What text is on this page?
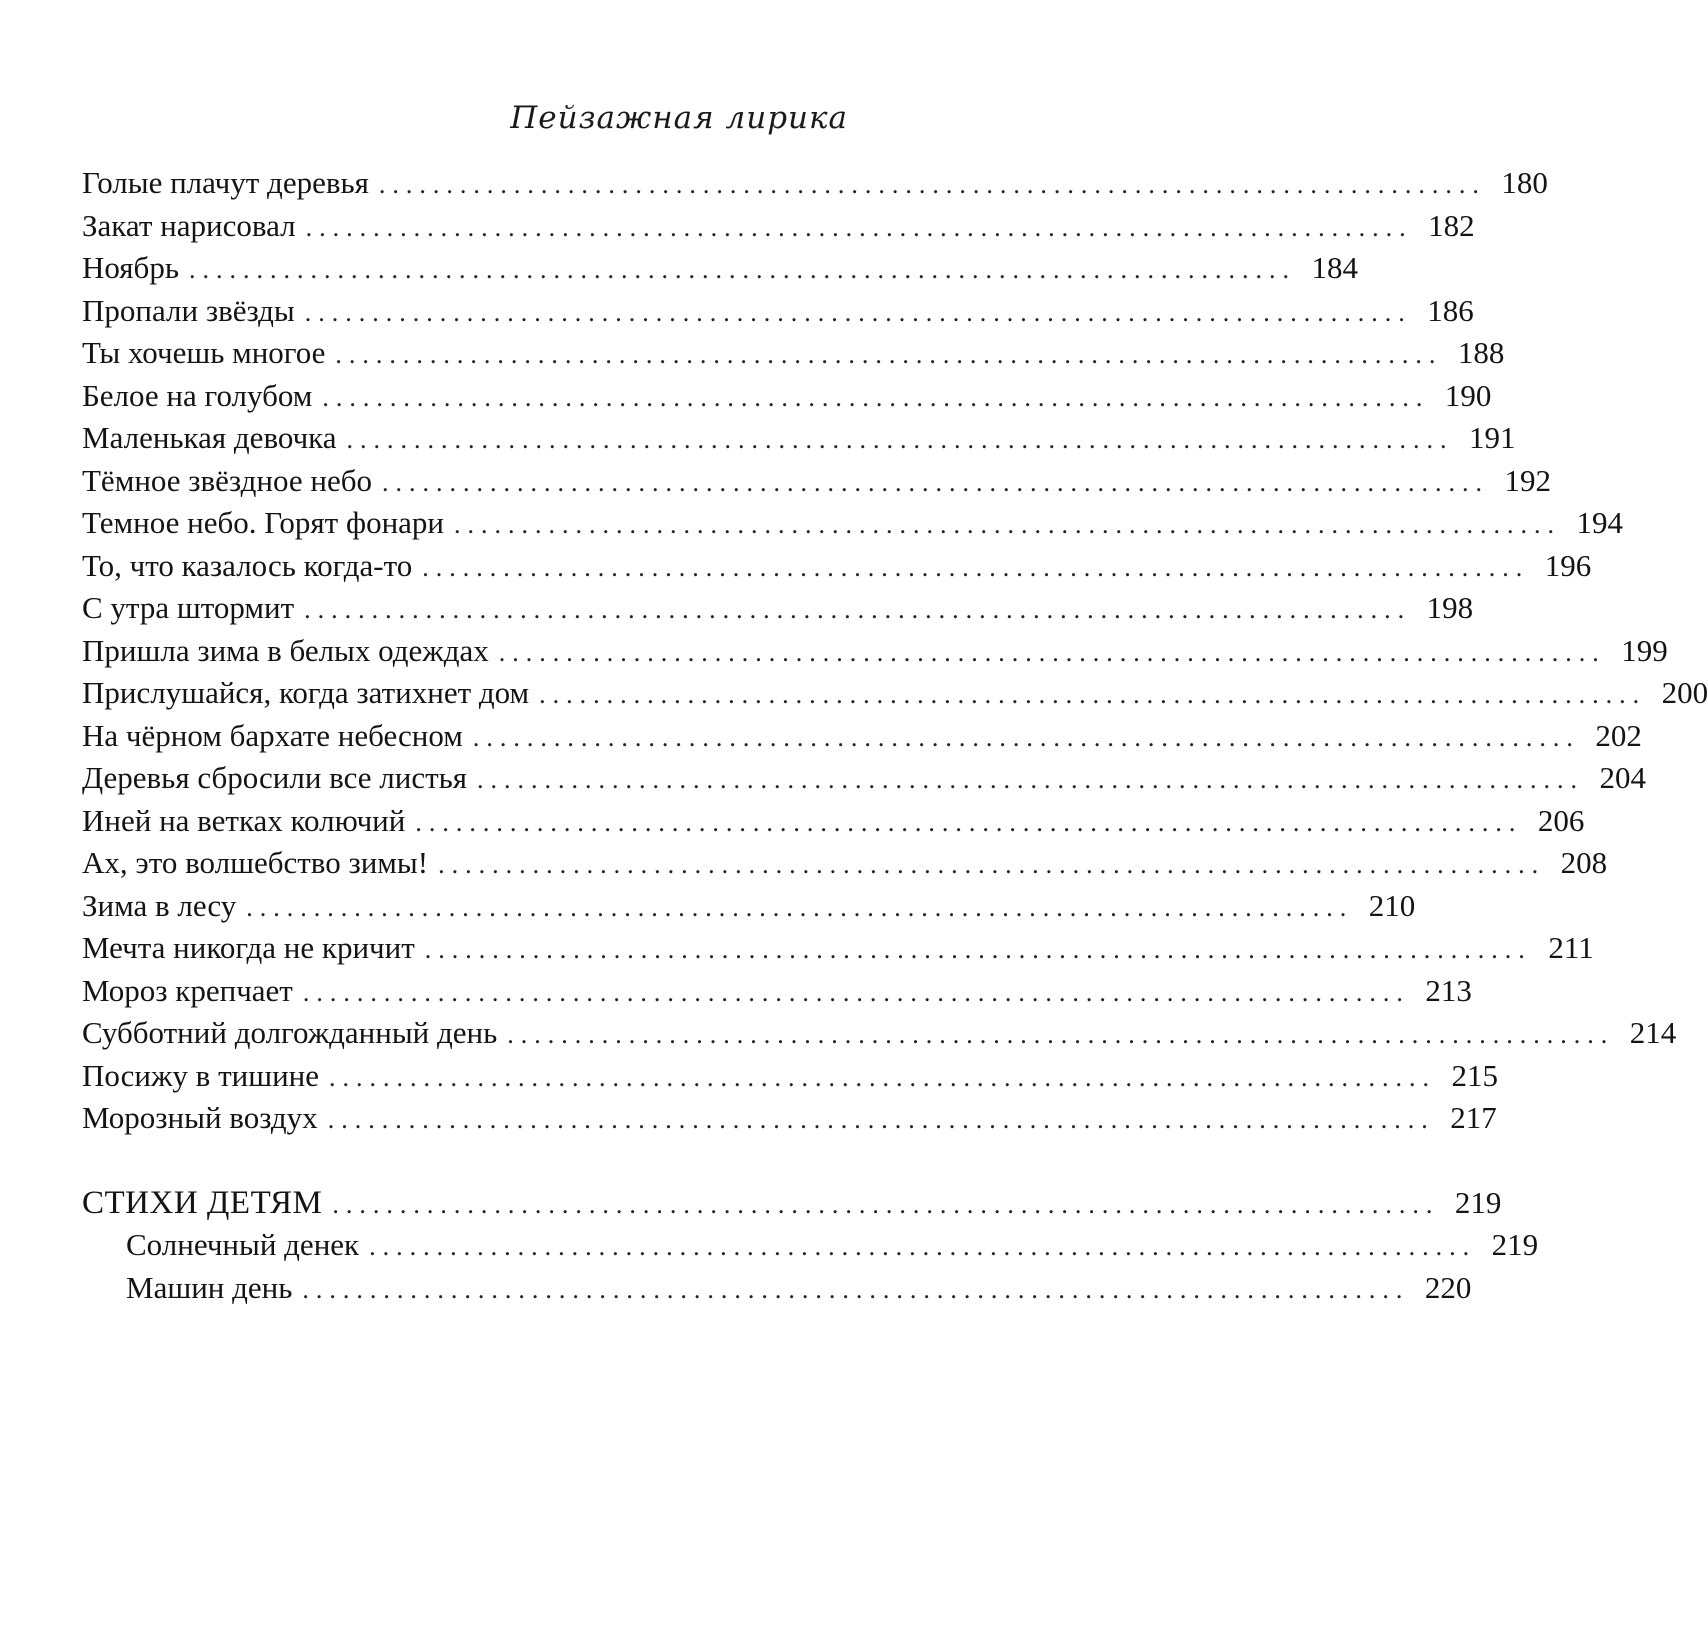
Пейзажная лирика
Голые плачут деревья .................................................................................. 180
Закат нарисовал .................................................................................. 182
Ноябрь .................................................................................. 184
Пропали звёзды .................................................................................. 186
Ты хочешь многое .................................................................................. 188
Белое на голубом .................................................................................. 190
Маленькая девочка .................................................................................. 191
Тёмное звёздное небо .................................................................................. 192
Темное небо. Горят фонари .................................................................................. 194
То, что казалось когда-то .................................................................................. 196
С утра штормит .................................................................................. 198
Пришла зима в белых одеждах .................................................................................. 199
Прислушайся, когда затихнет дом .................................................................................. 200
На чёрном бархате небесном .................................................................................. 202
Деревья сбросили все листья .................................................................................. 204
Иней на ветках колючий .................................................................................. 206
Ах, это волшебство зимы! .................................................................................. 208
Зима в лесу .................................................................................. 210
Мечта никогда не кричит .................................................................................. 211
Мороз крепчает .................................................................................. 213
Субботний долгожданный день .................................................................................. 214
Посижу в тишине .................................................................................. 215
Морозный воздух .................................................................................. 217
СТИХИ ДЕТЯМ .................................................................................. 219
Солнечный денек .................................................................................. 219
Машин день .................................................................................. 220
